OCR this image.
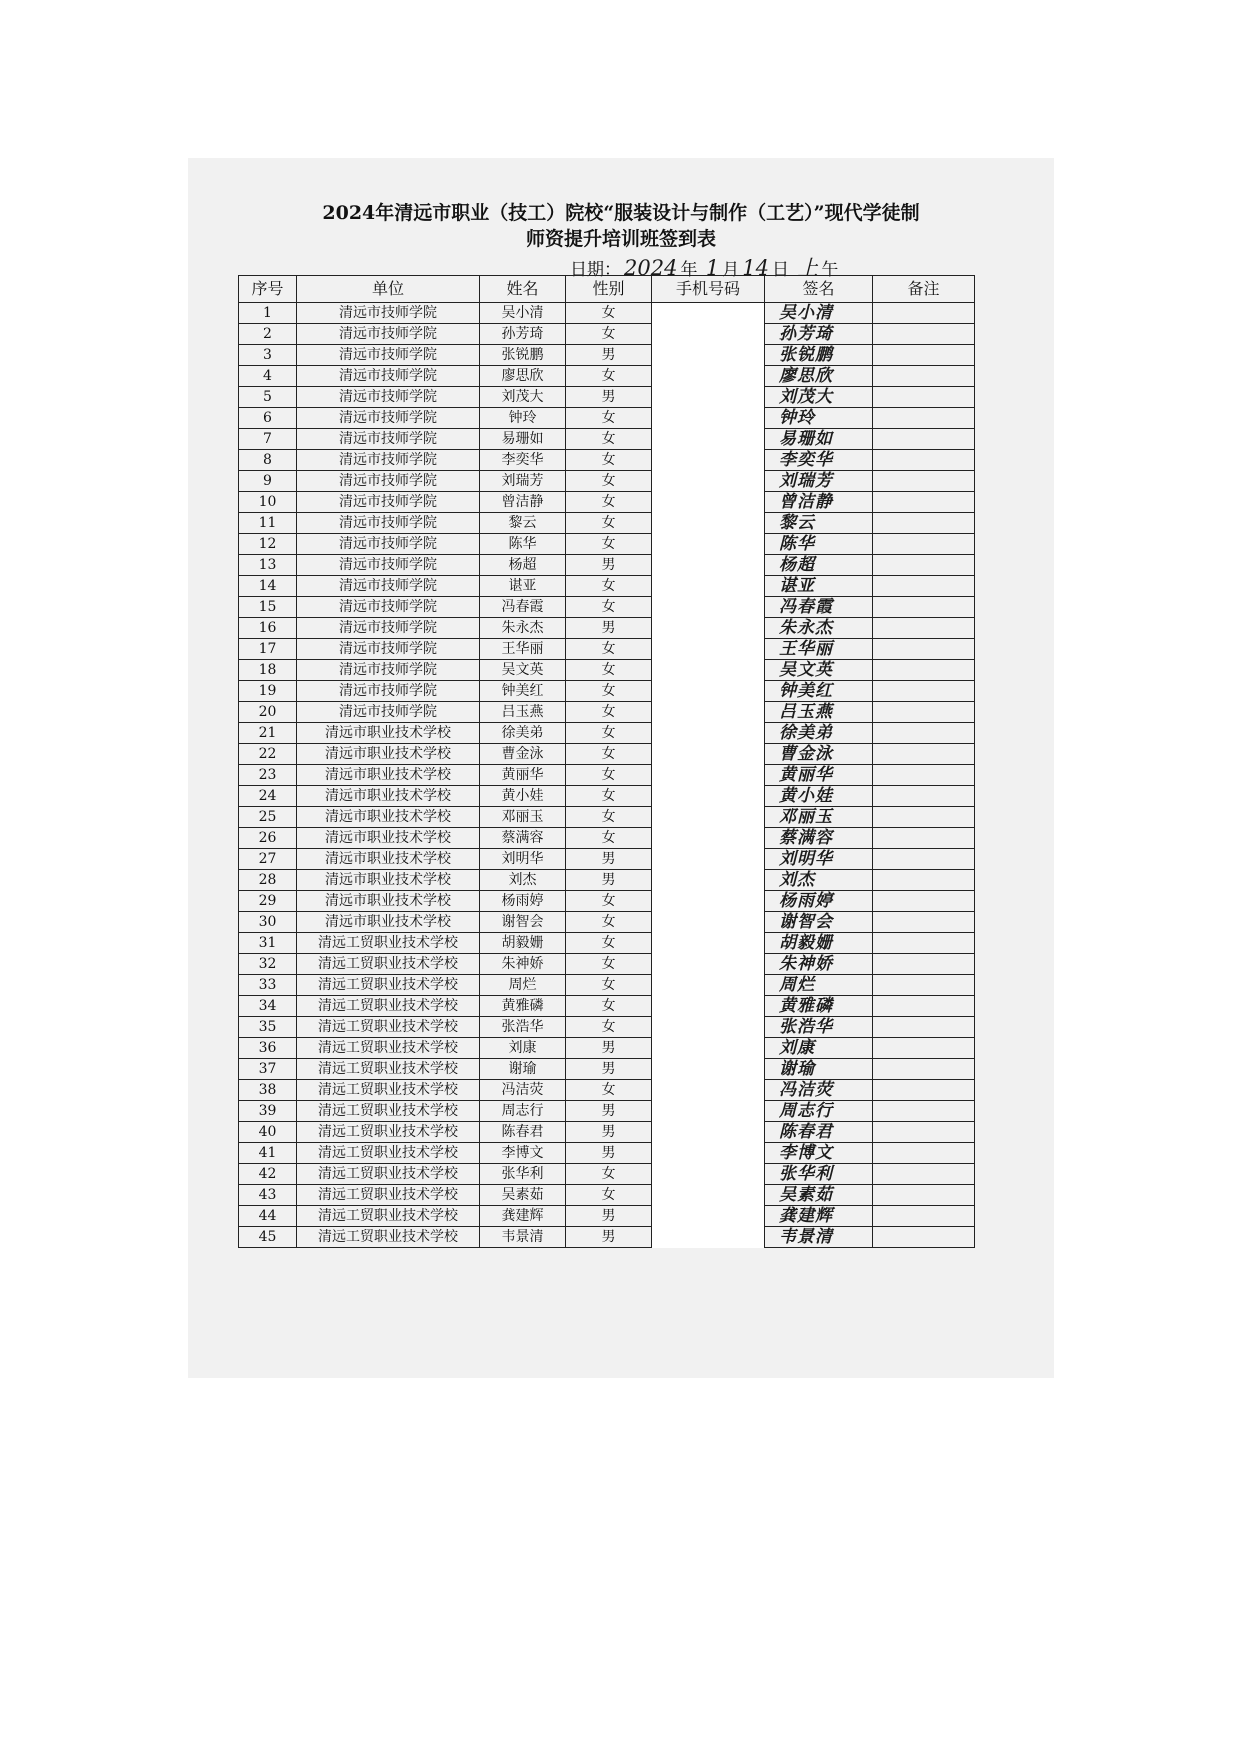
2024年清远市职业（技工）院校“服装设计与制作（工艺）”现代学徒制
师资提升培训班签到表
日期： 2024 年 1 月 14 日 上 午
序号	单位	姓名	性别	手机号码	签名	备注
1	清远市技师学院	吴小清	女		吴小清	
2	清远市技师学院	孙芳琦	女		孙芳琦	
3	清远市技师学院	张锐鹏	男		张锐鹏	
4	清远市技师学院	廖思欣	女		廖思欣	
5	清远市技师学院	刘茂大	男		刘茂大	
6	清远市技师学院	钟玲	女		钟玲	
7	清远市技师学院	易珊如	女		易珊如	
8	清远市技师学院	李奕华	女		李奕华	
9	清远市技师学院	刘瑞芳	女		刘瑞芳	
10	清远市技师学院	曾洁静	女		曾洁静	
11	清远市技师学院	黎云	女		黎云	
12	清远市技师学院	陈华	女		陈华	
13	清远市技师学院	杨超	男		杨超	
14	清远市技师学院	谌亚	女		谌亚	
15	清远市技师学院	冯春霞	女		冯春霞	
16	清远市技师学院	朱永杰	男		朱永杰	
17	清远市技师学院	王华丽	女		王华丽	
18	清远市技师学院	吴文英	女		吴文英	
19	清远市技师学院	钟美红	女		钟美红	
20	清远市技师学院	吕玉燕	女		吕玉燕	
21	清远市职业技术学校	徐美弟	女		徐美弟	
22	清远市职业技术学校	曹金泳	女		曹金泳	
23	清远市职业技术学校	黄丽华	女		黄丽华	
24	清远市职业技术学校	黄小娃	女		黄小娃	
25	清远市职业技术学校	邓丽玉	女		邓丽玉	
26	清远市职业技术学校	蔡满容	女		蔡满容	
27	清远市职业技术学校	刘明华	男		刘明华	
28	清远市职业技术学校	刘杰	男		刘杰	
29	清远市职业技术学校	杨雨婷	女		杨雨婷	
30	清远市职业技术学校	谢智会	女		谢智会	
31	清远工贸职业技术学校	胡毅姗	女		胡毅姗	
32	清远工贸职业技术学校	朱神娇	女		朱神娇	
33	清远工贸职业技术学校	周烂	女		周烂	
34	清远工贸职业技术学校	黄雅磷	女		黄雅磷	
35	清远工贸职业技术学校	张浩华	女		张浩华	
36	清远工贸职业技术学校	刘康	男		刘康	
37	清远工贸职业技术学校	谢瑜	男		谢瑜	
38	清远工贸职业技术学校	冯洁荧	女		冯洁荧	
39	清远工贸职业技术学校	周志行	男		周志行	
40	清远工贸职业技术学校	陈春君	男		陈春君	
41	清远工贸职业技术学校	李博文	男		李博文	
42	清远工贸职业技术学校	张华利	女		张华利	
43	清远工贸职业技术学校	吴素茹	女		吴素茹	
44	清远工贸职业技术学校	龚建辉	男		龚建辉	
45	清远工贸职业技术学校	韦景清	男		韦景清	
